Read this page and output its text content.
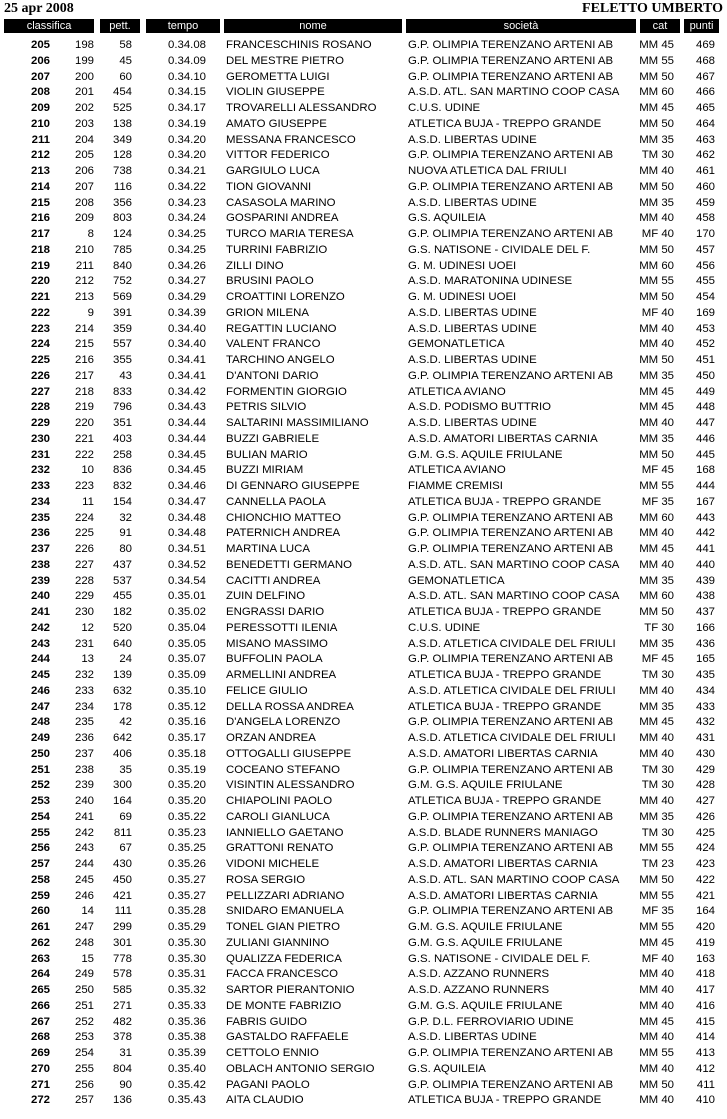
25 apr 2008	FELETTO UMBERTO
classifica	pett.	tempo	nome	società	cat	punti
205	198	58	0.34.08 FRANCESCHINIS ROSANO	G.P. OLIMPIA TERENZANO ARTENI AB	MM 45	469
206	199	45	0.34.09 DEL MESTRE PIETRO	G.P. OLIMPIA TERENZANO ARTENI AB	MM 55	468
207	200	60	0.34.10 GEROMETTA LUIGI	G.P. OLIMPIA TERENZANO ARTENI AB	MM 50	467
208	201	454	0.34.15 VIOLIN GIUSEPPE	A.S.D. ATL. SAN MARTINO COOP CASA	MM 60	466
209	202	525	0.34.17 TROVARELLI ALESSANDRO	C.U.S. UDINE	MM 45	465
210	203	138	0.34.19 AMATO GIUSEPPE	ATLETICA BUJA - TREPPO GRANDE	MM 50	464
211	204	349	0.34.20 MESSANA FRANCESCO	A.S.D. LIBERTAS UDINE	MM 35	463
212	205	128	0.34.20 VITTOR FEDERICO	G.P. OLIMPIA TERENZANO ARTENI AB	TM 30	462
213	206	738	0.34.21 GARGIULO LUCA	NUOVA ATLETICA DAL FRIULI	MM 40	461
214	207	116	0.34.22 TION GIOVANNI	G.P. OLIMPIA TERENZANO ARTENI AB	MM 50	460
215	208	356	0.34.23 CASASOLA MARINO	A.S.D. LIBERTAS UDINE	MM 35	459
216	209	803	0.34.24 GOSPARINI ANDREA	G.S. AQUILEIA	MM 40	458
217	8	124	0.34.25 TURCO MARIA TERESA	G.P. OLIMPIA TERENZANO ARTENI AB	MF 40	170
218	210	785	0.34.25 TURRINI FABRIZIO	G.S. NATISONE - CIVIDALE DEL F.	MM 50	457
219	211	840	0.34.26 ZILLI DINO	G. M. UDINESI UOEI	MM 60	456
220	212	752	0.34.27 BRUSINI PAOLO	A.S.D. MARATONINA UDINESE	MM 55	455
221	213	569	0.34.29 CROATTINI LORENZO	G. M. UDINESI UOEI	MM 50	454
222	9	391	0.34.39 GRION MILENA	A.S.D. LIBERTAS UDINE	MF 40	169
223	214	359	0.34.40 REGATTIN LUCIANO	A.S.D. LIBERTAS UDINE	MM 40	453
224	215	557	0.34.40 VALENT FRANCO	GEMONATLETICA	MM 40	452
225	216	355	0.34.41 TARCHINO ANGELO	A.S.D. LIBERTAS UDINE	MM 50	451
226	217	43	0.34.41 D'ANTONI DARIO	G.P. OLIMPIA TERENZANO ARTENI AB	MM 35	450
227	218	833	0.34.42 FORMENTIN GIORGIO	ATLETICA AVIANO	MM 45	449
228	219	796	0.34.43 PETRIS SILVIO	A.S.D. PODISMO BUTTRIO	MM 45	448
229	220	351	0.34.44 SALTARINI MASSIMILIANO	A.S.D. LIBERTAS UDINE	MM 40	447
230	221	403	0.34.44 BUZZI GABRIELE	A.S.D. AMATORI LIBERTAS CARNIA	MM 35	446
231	222	258	0.34.45 BULIAN MARIO	G.M. G.S. AQUILE FRIULANE	MM 50	445
232	10	836	0.34.45 BUZZI MIRIAM	ATLETICA AVIANO	MF 45	168
233	223	832	0.34.46 DI GENNARO GIUSEPPE	FIAMME CREMISI	MM 55	444
234	11	154	0.34.47 CANNELLA PAOLA	ATLETICA BUJA - TREPPO GRANDE	MF 35	167
235	224	32	0.34.48 CHIONCHIO MATTEO	G.P. OLIMPIA TERENZANO ARTENI AB	MM 60	443
236	225	91	0.34.48 PATERNICH ANDREA	G.P. OLIMPIA TERENZANO ARTENI AB	MM 40	442
237	226	80	0.34.51 MARTINA LUCA	G.P. OLIMPIA TERENZANO ARTENI AB	MM 45	441
238	227	437	0.34.52 BENEDETTI GERMANO	A.S.D. ATL. SAN MARTINO COOP CASA	MM 40	440
239	228	537	0.34.54 CACITTI ANDREA	GEMONATLETICA	MM 35	439
240	229	455	0.35.01 ZUIN DELFINO	A.S.D. ATL. SAN MARTINO COOP CASA	MM 60	438
241	230	182	0.35.02 ENGRASSI DARIO	ATLETICA BUJA - TREPPO GRANDE	MM 50	437
242	12	520	0.35.04 PERESSOTTI ILENIA	C.U.S. UDINE	TF 30	166
243	231	640	0.35.05 MISANO MASSIMO	A.S.D. ATLETICA CIVIDALE DEL FRIULI	MM 35	436
244	13	24	0.35.07 BUFFOLIN PAOLA	G.P. OLIMPIA TERENZANO ARTENI AB	MF 45	165
245	232	139	0.35.09 ARMELLINI ANDREA	ATLETICA BUJA - TREPPO GRANDE	TM 30	435
246	233	632	0.35.10 FELICE GIULIO	A.S.D. ATLETICA CIVIDALE DEL FRIULI	MM 40	434
247	234	178	0.35.12 DELLA ROSSA ANDREA	ATLETICA BUJA - TREPPO GRANDE	MM 35	433
248	235	42	0.35.16 D'ANGELA LORENZO	G.P. OLIMPIA TERENZANO ARTENI AB	MM 45	432
249	236	642	0.35.17 ORZAN ANDREA	A.S.D. ATLETICA CIVIDALE DEL FRIULI	MM 40	431
250	237	406	0.35.18 OTTOGALLI GIUSEPPE	A.S.D. AMATORI LIBERTAS CARNIA	MM 40	430
251	238	35	0.35.19 COCEANO STEFANO	G.P. OLIMPIA TERENZANO ARTENI AB	TM 30	429
252	239	300	0.35.20 VISINTIN ALESSANDRO	G.M. G.S. AQUILE FRIULANE	TM 30	428
253	240	164	0.35.20 CHIAPOLINI PAOLO	ATLETICA BUJA - TREPPO GRANDE	MM 40	427
254	241	69	0.35.22 CAROLI GIANLUCA	G.P. OLIMPIA TERENZANO ARTENI AB	MM 35	426
255	242	811	0.35.23 IANNIELLO GAETANO	A.S.D. BLADE RUNNERS MANIAGO	TM 30	425
256	243	67	0.35.25 GRATTONI RENATO	G.P. OLIMPIA TERENZANO ARTENI AB	MM 55	424
257	244	430	0.35.26 VIDONI MICHELE	A.S.D. AMATORI LIBERTAS CARNIA	TM 23	423
258	245	450	0.35.27 ROSA SERGIO	A.S.D. ATL. SAN MARTINO COOP CASA	MM 50	422
259	246	421	0.35.27 PELLIZZARI ADRIANO	A.S.D. AMATORI LIBERTAS CARNIA	MM 55	421
260	14	111	0.35.28 SNIDARO EMANUELA	G.P. OLIMPIA TERENZANO ARTENI AB	MF 35	164
261	247	299	0.35.29 TONEL GIAN PIETRO	G.M. G.S. AQUILE FRIULANE	MM 55	420
262	248	301	0.35.30 ZULIANI GIANNINO	G.M. G.S. AQUILE FRIULANE	MM 45	419
263	15	778	0.35.30 QUALIZZA FEDERICA	G.S. NATISONE - CIVIDALE DEL F.	MF 40	163
264	249	578	0.35.31 FACCA FRANCESCO	A.S.D. AZZANO RUNNERS	MM 40	418
265	250	585	0.35.32 SARTOR PIERANTONIO	A.S.D. AZZANO RUNNERS	MM 40	417
266	251	271	0.35.33 DE MONTE FABRIZIO	G.M. G.S. AQUILE FRIULANE	MM 40	416
267	252	482	0.35.36 FABRIS GUIDO	G.P. D.L. FERROVIARIO UDINE	MM 45	415
268	253	378	0.35.38 GASTALDO RAFFAELE	A.S.D. LIBERTAS UDINE	MM 40	414
269	254	31	0.35.39 CETTOLO ENNIO	G.P. OLIMPIA TERENZANO ARTENI AB	MM 55	413
270	255	804	0.35.40 OBLACH ANTONIO SERGIO	G.S. AQUILEIA	MM 40	412
271	256	90	0.35.42 PAGANI PAOLO	G.P. OLIMPIA TERENZANO ARTENI AB	MM 50	411
272	257	136	0.35.43 AITA CLAUDIO	ATLETICA BUJA - TREPPO GRANDE	MM 40	410
